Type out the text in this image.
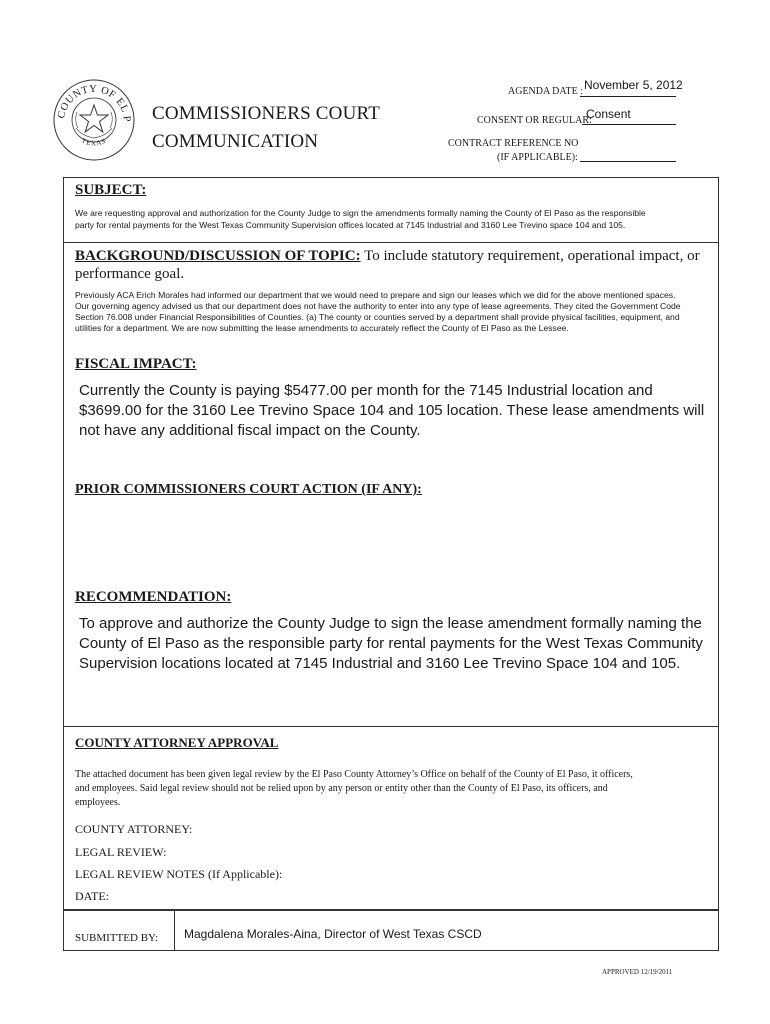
COUNTY OF EL P
TEXAS
COMMISSIONERS COURT
COMMUNICATION
AGENDA DATE : November 5, 2012
CONSENT OR REGULAR:
Consent
CONTRACT REFERENCE NO
(IF APPLICABLE):
SUBJECT:
We are requesting approval and authorization for the County Judge to sign the amendments formally naming the County of El Paso as the responsible
party for rental payments for the West Texas Community Supervision offices located at 7145 Industrial and 3160 Lee Trevino space 104 and 105.
BACKGROUND/DISCUSSION OF TOPIC: To include statutory requirement, operational impact, or
performance goal.
Previously ACA Erich Morales had informed our department that we would need to prepare and sign our leases which we did for the above mentioned spaces.
Our governing agency advised us that our department does not have the authority to enter into any type of lease agreements. They cited the Government Code
Section 76.008 under Financial Responsibilities of Counties. (a) The county or counties served by a department shall provide physical facilities, equipment, and
utilities for a department. We are now submitting the lease amendments to accurately reflect the County of El Paso as the Lessee.
FISCAL IMPACT:
Currently the County is paying $5477.00 per month for the 7145 Industrial location and
$3699.00 for the 3160 Lee Trevino Space 104 and 105 location. These lease amendments will
not have any additional fiscal impact on the County.
PRIOR COMMISSIONERS COURT ACTION (IF ANY):
RECOMMENDATION:
To approve and authorize the County Judge to sign the lease amendment formally naming the
County of El Paso as the responsible party for rental payments for the West Texas Community
Supervision locations located at 7145 Industrial and 3160 Lee Trevino Space 104 and 105.
COUNTY ATTORNEY APPROVAL
The attached document has been given legal review by the El Paso County Attorney’s Office on behalf of the County of El Paso, it officers,
and employees. Said legal review should not be relied upon by any person or entity other than the County of El Paso, its officers, and
employees.
COUNTY ATTORNEY:
LEGAL REVIEW:
LEGAL REVIEW NOTES (If Applicable):
DATE:
SUBMITTED BY: Magdalena Morales-Aina, Director of West Texas CSCD
APPROVED 12/19/2011
